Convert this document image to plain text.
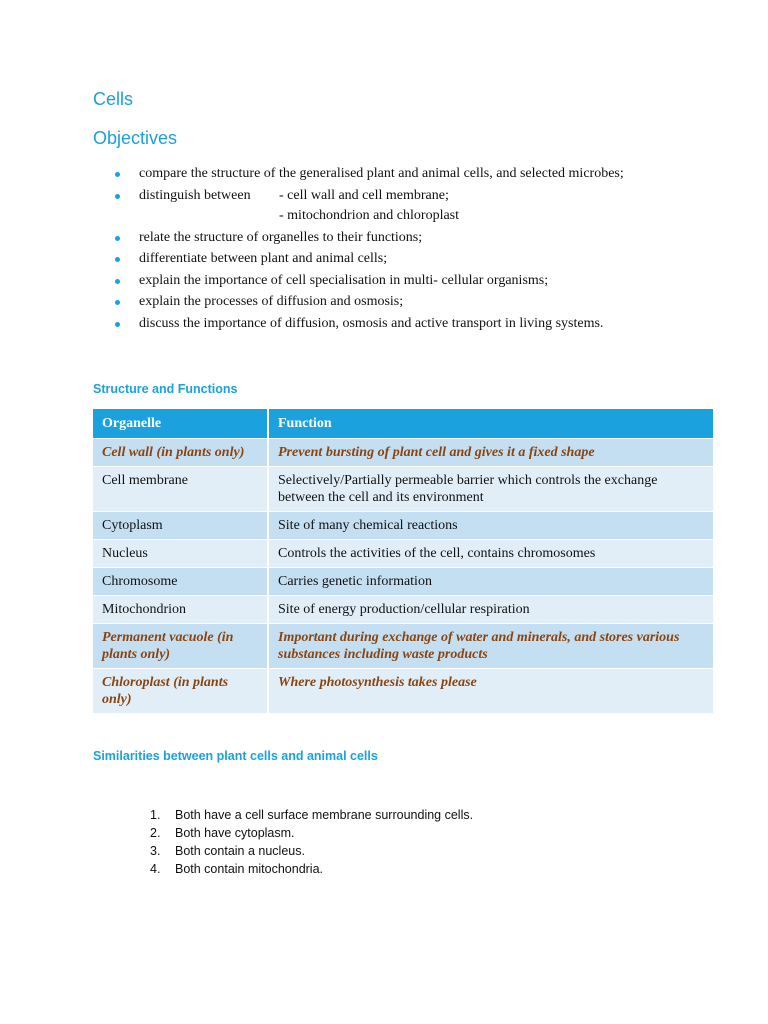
Cells
Objectives
compare the structure of the generalised plant and animal cells, and selected microbes;
distinguish between	- cell wall and cell membrane;
- mitochondrion and chloroplast
relate the structure of organelles to their functions;
differentiate between plant and animal cells;
explain the importance of cell specialisation in multi- cellular organisms;
explain the processes of diffusion and osmosis;
discuss the importance of diffusion, osmosis and active transport in living systems.
Structure and Functions
Organelle	Function
Cell wall (in plants only)	Prevent bursting of plant cell and gives it a fixed shape
Cell membrane	Selectively/Partially permeable barrier which controls the exchange between the cell and its environment
Cytoplasm	Site of many chemical reactions
Nucleus	Controls the activities of the cell, contains chromosomes
Chromosome	Carries genetic information
Mitochondrion	Site of energy production/cellular respiration
Permanent vacuole (in plants only)	Important during exchange of water and minerals, and stores various substances including waste products
Chloroplast (in plants only)	Where photosynthesis takes please
Similarities between plant cells and animal cells
1.	Both have a cell surface membrane surrounding cells.
2.	Both have cytoplasm.
3.	Both contain a nucleus.
4.	Both contain mitochondria.
